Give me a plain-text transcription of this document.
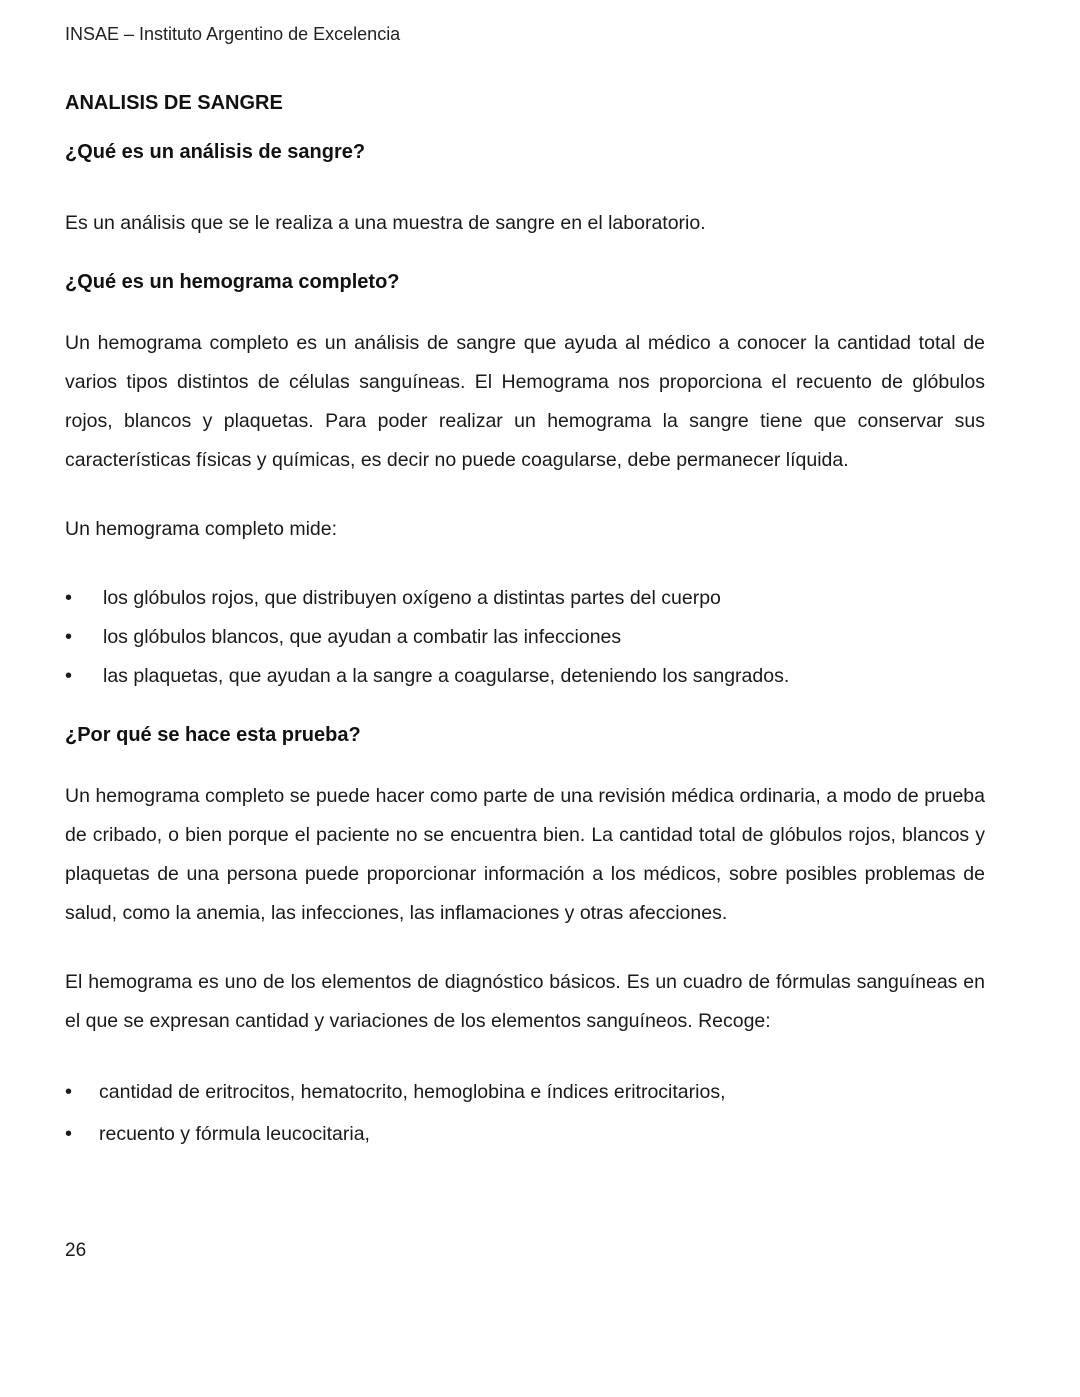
INSAE – Instituto Argentino de Excelencia
ANALISIS DE SANGRE
¿Qué es un análisis de sangre?

Es un análisis que se le realiza a una muestra de sangre en el laboratorio.

¿Qué es un hemograma completo?

Un hemograma completo es un análisis de sangre que ayuda al médico a conocer la cantidad total de varios tipos distintos de células sanguíneas. El Hemograma nos proporciona el recuento de glóbulos rojos, blancos y plaquetas. Para poder realizar un hemograma la sangre tiene que conservar sus características físicas y químicas, es decir no puede coagularse, debe permanecer líquida.

Un hemograma completo mide:

• los glóbulos rojos, que distribuyen oxígeno a distintas partes del cuerpo
• los glóbulos blancos, que ayudan a combatir las infecciones
• las plaquetas, que ayudan a la sangre a coagularse, deteniendo los sangrados.
¿Por qué se hace esta prueba?

Un hemograma completo se puede hacer como parte de una revisión médica ordinaria, a modo de prueba de cribado, o bien porque el paciente no se encuentra bien. La cantidad total de glóbulos rojos, blancos y plaquetas de una persona puede proporcionar información a los médicos, sobre posibles problemas de salud, como la anemia, las infecciones, las inflamaciones y otras afecciones.

El hemograma es uno de los elementos de diagnóstico básicos. Es un cuadro de fórmulas sanguíneas en el que se expresan cantidad y variaciones de los elementos sanguíneos. Recoge:

• cantidad de eritrocitos, hematocrito, hemoglobina e índices eritrocitarios,
• recuento y fórmula leucocitaria,
26
